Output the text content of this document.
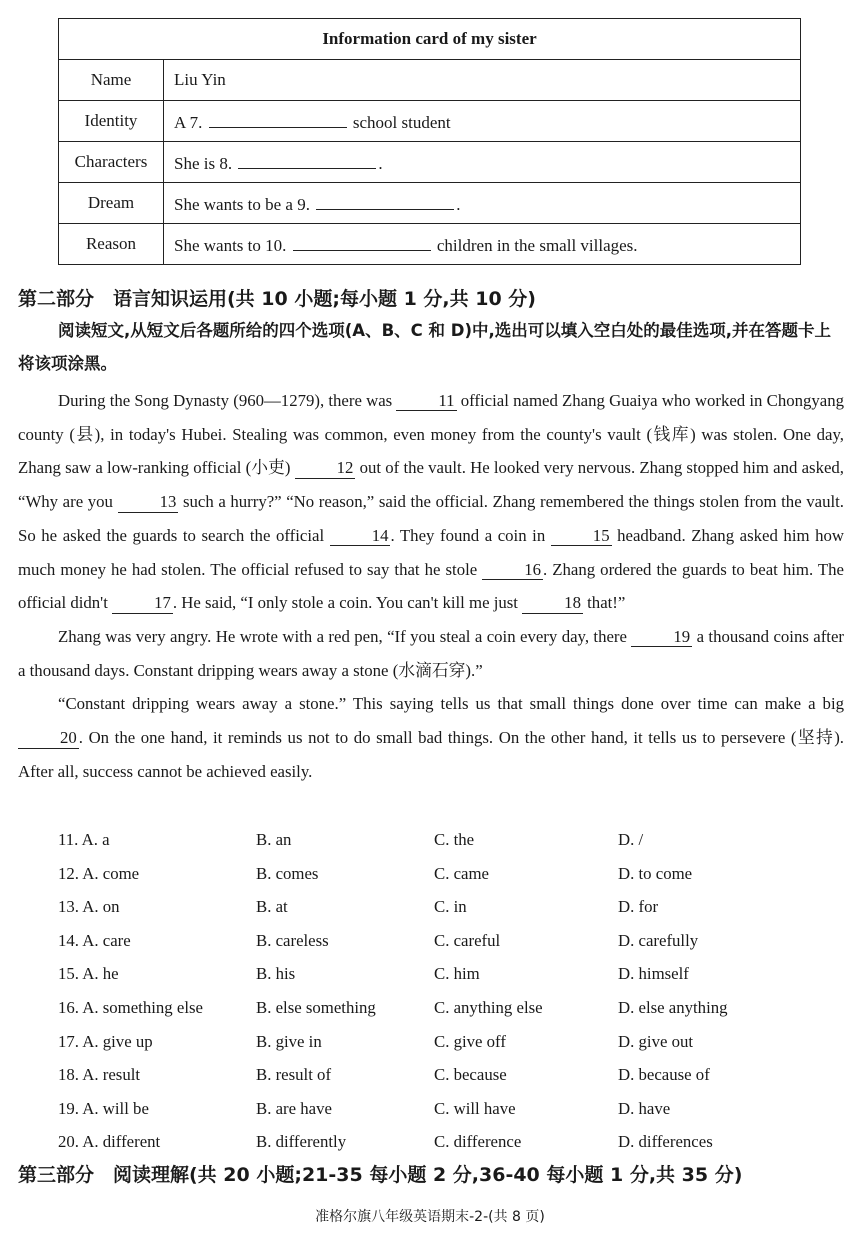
Information card of my sister	
Name	Liu Yin
Identity	A 7. school student
Characters	She is 8. .
Dream	She wants to be a 9. .
Reason	She wants to 10. children in the small villages.
第二部分　语言知识运用(共 10 小题;每小题 1 分,共 10 分)
阅读短文,从短文后各题所给的四个选项(A、B、C 和 D)中,选出可以填入空白处的最佳选项,并在答题卡上将该项涂黑。

During the Song Dynasty (960—1279), there was	11 official named Zhang Guaiya who worked in Chongyang county (县), in today's Hubei. Stealing was common, even money from the county's vault (钱库) was stolen. One day, Zhang saw a low-ranking official (小吏)	12 out of the vault. He looked very nervous. Zhang stopped him and asked, “Why are you	13 such a hurry?” “No reason,” said the official. Zhang remembered the things stolen from the vault. So he asked the guards to search the official	14 . They found a coin in	15 headband. Zhang asked him how much money he had stolen. The official refused to say that he stole	16 . Zhang ordered the guards to beat him. The official didn't	17 . He said, “I only stole a coin. You can't kill me just	18 that!”

Zhang was very angry. He wrote with a red pen, “If you steal a coin every day, there	19 a thousand coins after a thousand days. Constant dripping wears away a stone (水滴石穿).”

“Constant dripping wears away a stone.” This saying tells us that small things done over time can make a big 20 . On the one hand, it reminds us not to do small bad things. On the other hand, it tells us to persevere (坚持). After all, success cannot be achieved easily.

11. A. a	B. an	C. the	D. /
12. A. come	B. comes	C. came	D. to come
13. A. on	B. at	C. in	D. for
14. A. care	B. careless	C. careful	D. carefully
15. A. he	B. his	C. him	D. himself
16. A. something else	B. else something	C. anything else	D. else anything
17. A. give up	B. give in	C. give off	D. give out
18. A. result	B. result of	C. because	D. because of
19. A. will be	B. are have	C. will have	D. have
20. A. different	B. differently	C. difference	D. differences
第三部分　阅读理解(共 20 小题;21-35 每小题 2 分,36-40 每小题 1 分,共 35 分)
准格尔旗八年级英语期末-2-(共 8 页)
